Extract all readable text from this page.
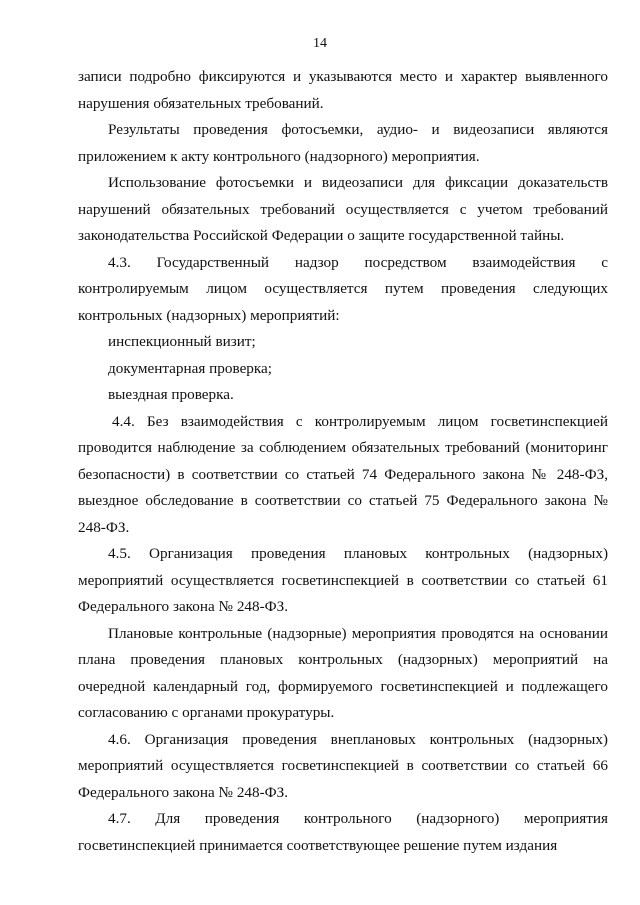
14

записи подробно фиксируются и указываются место и характер выявленного нарушения обязательных требований.

Результаты проведения фотосъемки, аудио- и видеозаписи являются приложением к акту контрольного (надзорного) мероприятия.

Использование фотосъемки и видеозаписи для фиксации доказательств нарушений обязательных требований осуществляется с учетом требований законодательства Российской Федерации о защите государственной тайны.

4.3. Государственный надзор посредством взаимодействия с контролируемым лицом осуществляется путем проведения следующих контрольных (надзорных) мероприятий:

инспекционный визит;

документарная проверка;

выездная проверка.

4.4. Без взаимодействия с контролируемым лицом госветинспекцией проводится наблюдение за соблюдением обязательных требований (мониторинг безопасности) в соответствии со статьей 74 Федерального закона № 248-ФЗ, выездное обследование в соответствии со статьей 75 Федерального закона № 248-ФЗ.

4.5. Организация проведения плановых контрольных (надзорных) мероприятий осуществляется госветинспекцией в соответствии со статьей 61 Федерального закона № 248-ФЗ.

Плановые контрольные (надзорные) мероприятия проводятся на основании плана проведения плановых контрольных (надзорных) мероприятий на очередной календарный год, формируемого госветинспекцией и подлежащего согласованию с органами прокуратуры.

4.6. Организация проведения внеплановых контрольных (надзорных) мероприятий осуществляется госветинспекцией в соответствии со статьей 66 Федерального закона № 248-ФЗ.

4.7. Для проведения контрольного (надзорного) мероприятия госветинспекцией принимается соответствующее решение путем издания
